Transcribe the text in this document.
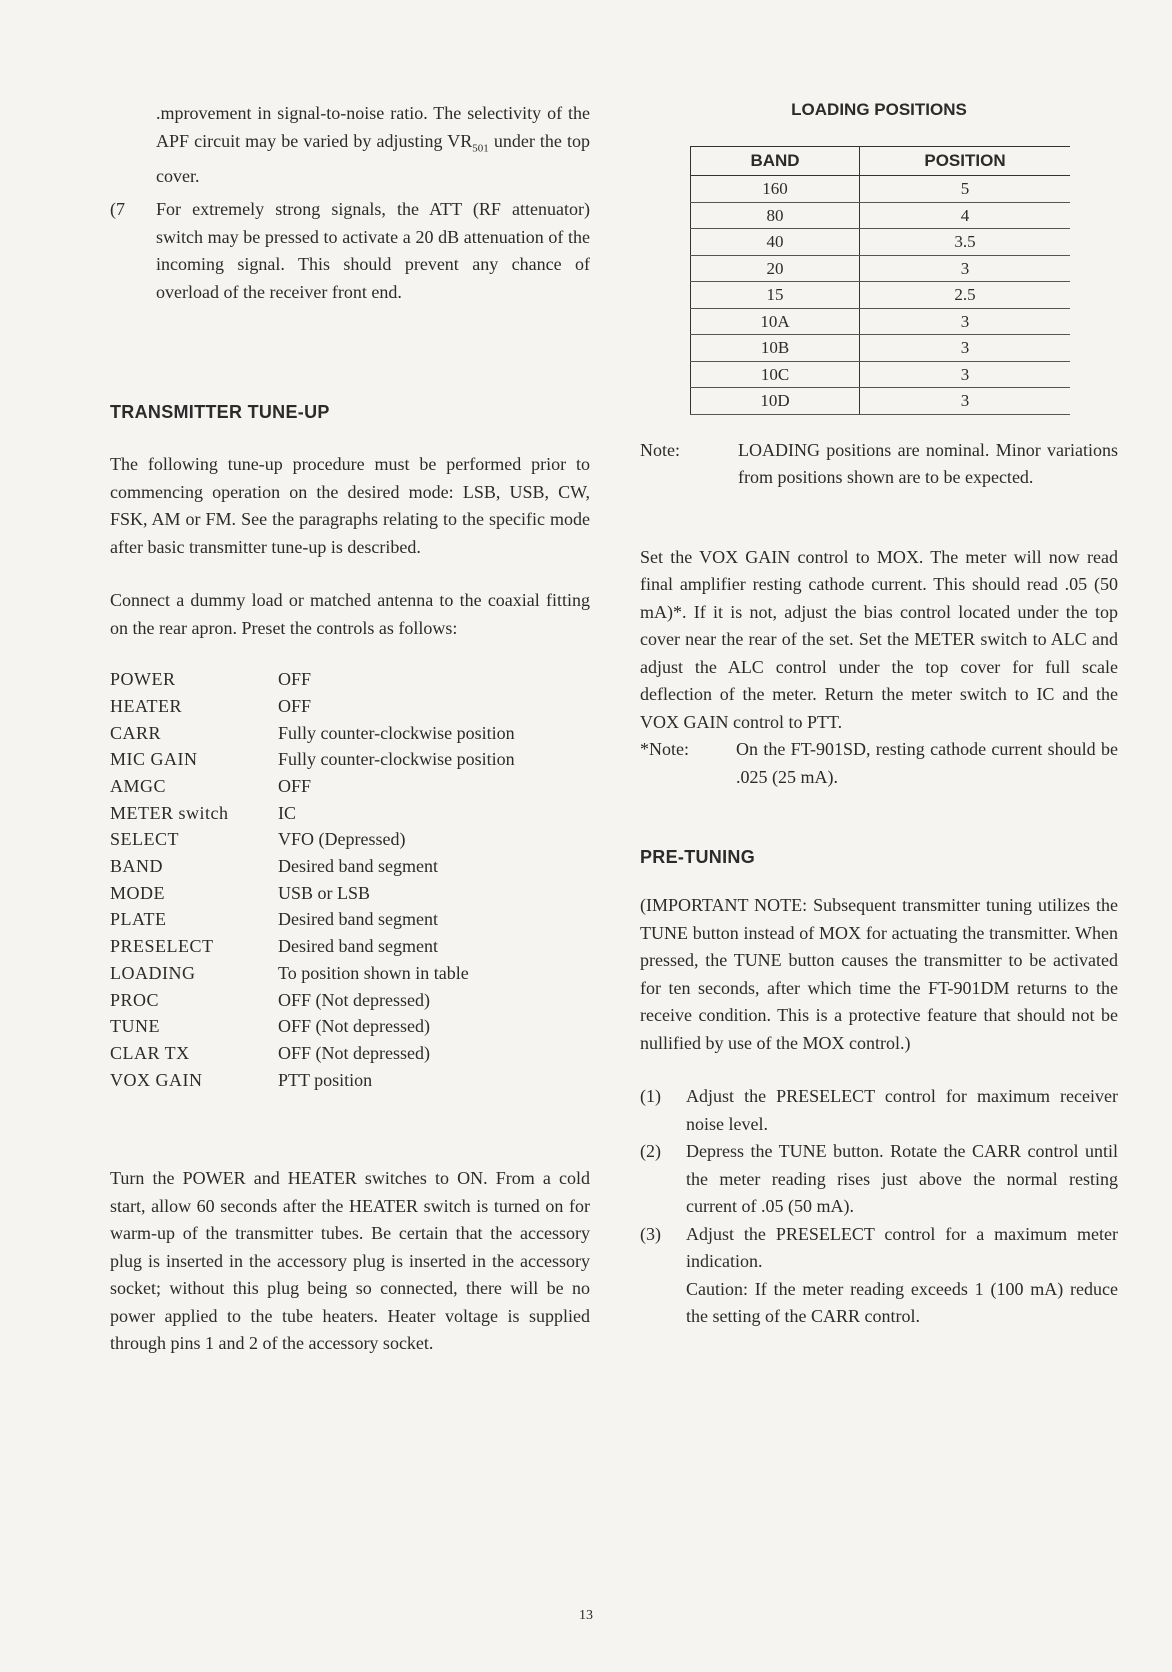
.mprovement in signal-to-noise ratio. The selectivity of the APF circuit may be varied by adjusting $VR_{501}$ under the top cover.

(7 For extremely strong signals, the ATT (RF attenuator) switch may be pressed to activate a 20 dB attenuation of the incoming signal. This should prevent any chance of overload of the receiver front end.

TRANSMITTER TUNE-UP

The following tune-up procedure must be performed prior to commencing operation on the desired mode: LSB, USB, CW, FSK, AM or FM. See the paragraphs relating to the specific mode after basic transmitter tune-up is described.

Connect a dummy load or matched antenna to the coaxial fitting on the rear apron. Preset the controls as follows:

POWER	OFF
HEATER	OFF
CARR	Fully counter-clockwise position
MIC GAIN	Fully counter-clockwise position
AMGC	OFF
METER switch	IC
SELECT	VFO (Depressed)
BAND	Desired band segment
MODE	USB or LSB
PLATE	Desired band segment
PRESELECT	Desired band segment
LOADING	To position shown in table
PROC	OFF (Not depressed)
TUNE	OFF (Not depressed)
CLAR TX	OFF (Not depressed)
VOX GAIN	PTT position

Turn the POWER and HEATER switches to ON. From a cold start, allow 60 seconds after the HEATER switch is turned on for warm-up of the transmitter tubes. Be certain that the accessory plug is inserted in the accessory plug is inserted in the accessory socket; without this plug being so connected, there will be no power applied to the tube heaters. Heater voltage is supplied through pins 1 and 2 of the accessory socket.

LOADING POSITIONS
BAND	POSITION
160	5
80	4
40	3.5
20	3
15	2.5
10A	3
10B	3
10C	3
10D	3

Note:	LOADING positions are nominal. Minor variations from positions shown are to be expected.

Set the VOX GAIN control to MOX. The meter will now read final amplifier resting cathode current. This should read .05 (50 mA)*. If it is not, adjust the bias control located under the top cover near the rear of the set. Set the METER switch to ALC and adjust the ALC control under the top cover for full scale deflection of the meter. Return the meter switch to IC and the VOX GAIN control to PTT.

*Note:	On the FT-901SD, resting cathode current should be .025 (25 mA).

PRE-TUNING

(IMPORTANT NOTE: Subsequent transmitter tuning utilizes the TUNE button instead of MOX for actuating the transmitter. When pressed, the TUNE button causes the transmitter to be activated for ten seconds, after which time the FT-901DM returns to the receive condition. This is a protective feature that should not be nullified by use of the MOX control.)

(1) Adjust the PRESELECT control for maximum receiver noise level.

(2) Depress the TUNE button. Rotate the CARR control until the meter reading rises just above the normal resting current of .05 (50 mA).

(3) Adjust the PRESELECT control for a maximum meter indication.

Caution: If the meter reading exceeds 1 (100 mA) reduce the setting of the CARR control.

13
